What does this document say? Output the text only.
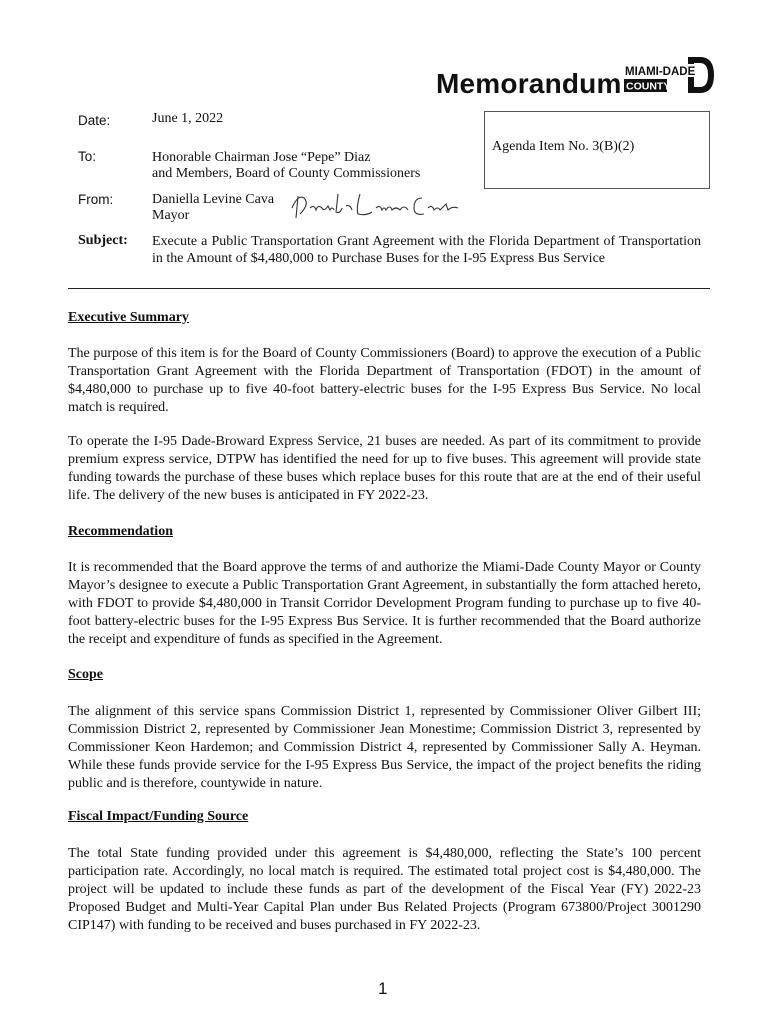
Memorandum MIAMI-DADE
COUNTY
Date:	June 1, 2022
Agenda Item No. 3(B)(2)
To:	Honorable Chairman Jose “Pepe” Diaz
and Members, Board of County Commissioners
From:	Daniella Levine Cava
Mayor
Subject: Execute a Public Transportation Grant Agreement with the Florida Department of Transportation in the Amount of $4,480,000 to Purchase Buses for the I-95 Express Bus Service
Executive Summary

The purpose of this item is for the Board of County Commissioners (Board) to approve the execution of a Public Transportation Grant Agreement with the Florida Department of Transportation (FDOT) in the amount of $4,480,000 to purchase up to five 40-foot battery-electric buses for the I-95 Express Bus Service. No local match is required.

To operate the I-95 Dade-Broward Express Service, 21 buses are needed. As part of its commitment to provide premium express service, DTPW has identified the need for up to five buses. This agreement will provide state funding towards the purchase of these buses which replace buses for this route that are at the end of their useful life. The delivery of the new buses is anticipated in FY 2022-23.

Recommendation

It is recommended that the Board approve the terms of and authorize the Miami-Dade County Mayor or County Mayor’s designee to execute a Public Transportation Grant Agreement, in substantially the form attached hereto, with FDOT to provide $4,480,000 in Transit Corridor Development Program funding to purchase up to five 40-foot battery-electric buses for the I-95 Express Bus Service. It is further recommended that the Board authorize the receipt and expenditure of funds as specified in the Agreement.

Scope

The alignment of this service spans Commission District 1, represented by Commissioner Oliver Gilbert III; Commission District 2, represented by Commissioner Jean Monestime; Commission District 3, represented by Commissioner Keon Hardemon; and Commission District 4, represented by Commissioner Sally A. Heyman. While these funds provide service for the I-95 Express Bus Service, the impact of the project benefits the riding public and is therefore, countywide in nature.

Fiscal Impact/Funding Source

The total State funding provided under this agreement is $4,480,000, reflecting the State’s 100 percent participation rate. Accordingly, no local match is required. The estimated total project cost is $4,480,000. The project will be updated to include these funds as part of the development of the Fiscal Year (FY) 2022-23 Proposed Budget and Multi-Year Capital Plan under Bus Related Projects (Program 673800/Project 3001290 CIP147) with funding to be received and buses purchased in FY 2022-23.

1
